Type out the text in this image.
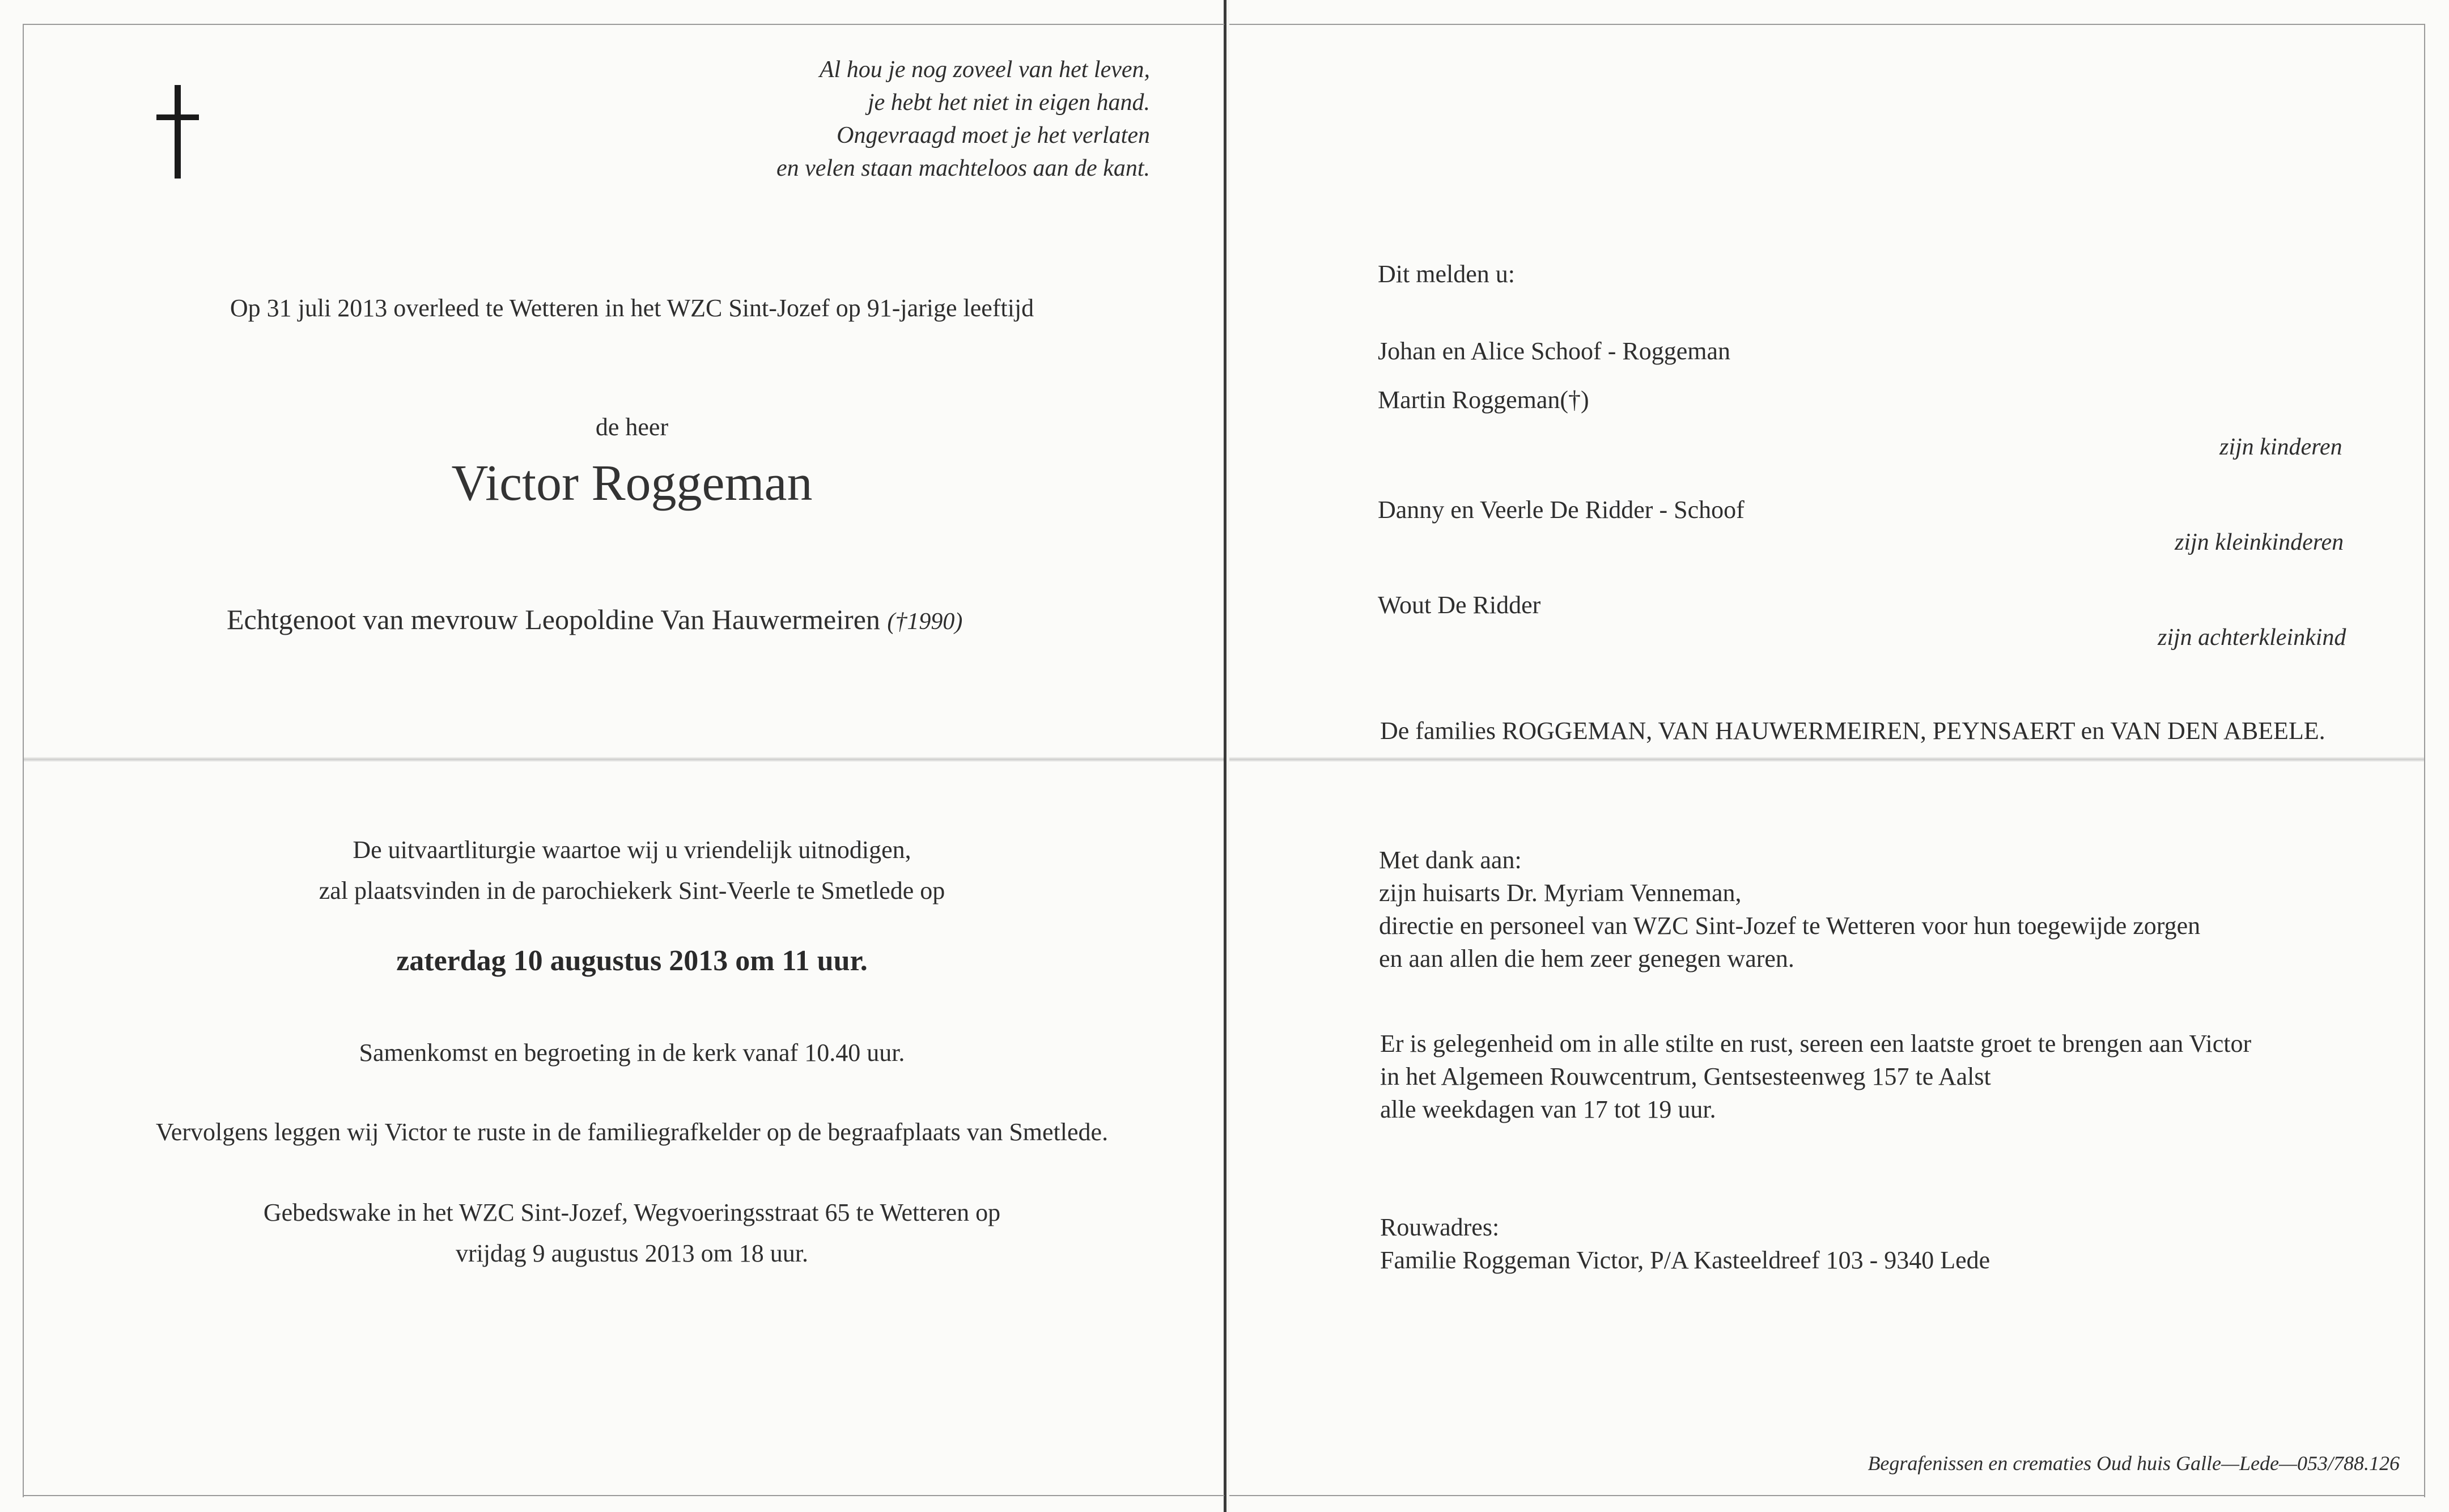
Al hou je nog zoveel van het leven,
je hebt het niet in eigen hand.
Ongevraagd moet je het verlaten
en velen staan machteloos aan de kant.
Op 31 juli 2013 overleed te Wetteren in het WZC Sint-Jozef op 91-jarige leeftijd
de heer
Victor Roggeman
Echtgenoot van mevrouw Leopoldine Van Hauwermeiren (†1990)
De uitvaartliturgie waartoe wij u vriendelijk uitnodigen,
zal plaatsvinden in de parochiekerk Sint-Veerle te Smetlede op
zaterdag 10 augustus 2013 om 11 uur.
Samenkomst en begroeting in de kerk vanaf 10.40 uur.
Vervolgens leggen wij Victor te ruste in de familiegrafkelder op de begraafplaats van Smetlede.
Gebedswake in het WZC Sint-Jozef, Wegvoeringsstraat 65 te Wetteren op
vrijdag 9 augustus 2013 om 18 uur.
Dit melden u:
Johan en Alice Schoof - Roggeman
Martin Roggeman(†)
zijn kinderen
Danny en Veerle De Ridder - Schoof
zijn kleinkinderen
Wout De Ridder
zijn achterkleinkind
De families ROGGEMAN, VAN HAUWERMEIREN, PEYNSAERT en VAN DEN ABEELE.
Met dank aan:
zijn huisarts Dr. Myriam Venneman,
directie en personeel van WZC Sint-Jozef te Wetteren voor hun toegewijde zorgen
en aan allen die hem zeer genegen waren.
Er is gelegenheid om in alle stilte en rust, sereen een laatste groet te brengen aan Victor
in het Algemeen Rouwcentrum, Gentsesteenweg 157 te Aalst
alle weekdagen van 17 tot 19 uur.
Rouwadres:
Familie Roggeman Victor, P/A Kasteeldreef 103 - 9340 Lede
Begrafenissen en crematies Oud huis Galle—Lede—053/788.126
